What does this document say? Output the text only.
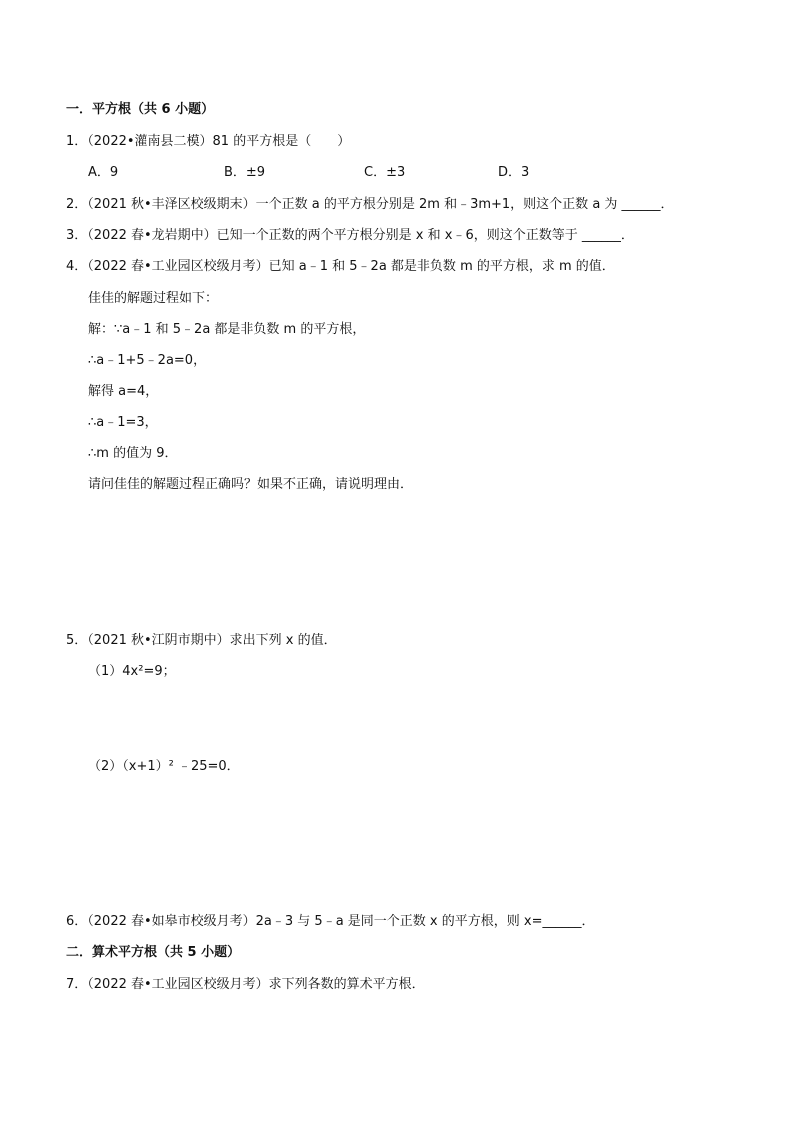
一．平方根（共 6 小题）
1．（2022•灌南县二模）81 的平方根是（　　）
A．9	B．±9	C．±3	D．3
2．（2021 秋•丰泽区校级期末）一个正数 a 的平方根分别是 2m 和﹣3m+1，则这个正数 a 为 ______．
3．（2022 春•龙岩期中）已知一个正数的两个平方根分别是 x 和 x﹣6，则这个正数等于 ______．
4．（2022 春•工业园区校级月考）已知 a﹣1 和 5﹣2a 都是非负数 m 的平方根，求 m 的值．
佳佳的解题过程如下：
解：∵a﹣1 和 5﹣2a 都是非负数 m 的平方根，
∴a﹣1+5﹣2a=0，
解得 a=4，
∴a﹣1=3，
∴m 的值为 9．
请问佳佳的解题过程正确吗？如果不正确，请说明理由．
5．（2021 秋•江阴市期中）求出下列 x 的值．
（1）4x²=9；
（2）（x+1）² ﹣25=0．
6．（2022 春•如皋市校级月考）2a﹣3 与 5﹣a 是同一个正数 x 的平方根，则 x=______．
二．算术平方根（共 5 小题）
7．（2022 春•工业园区校级月考）求下列各数的算术平方根．
